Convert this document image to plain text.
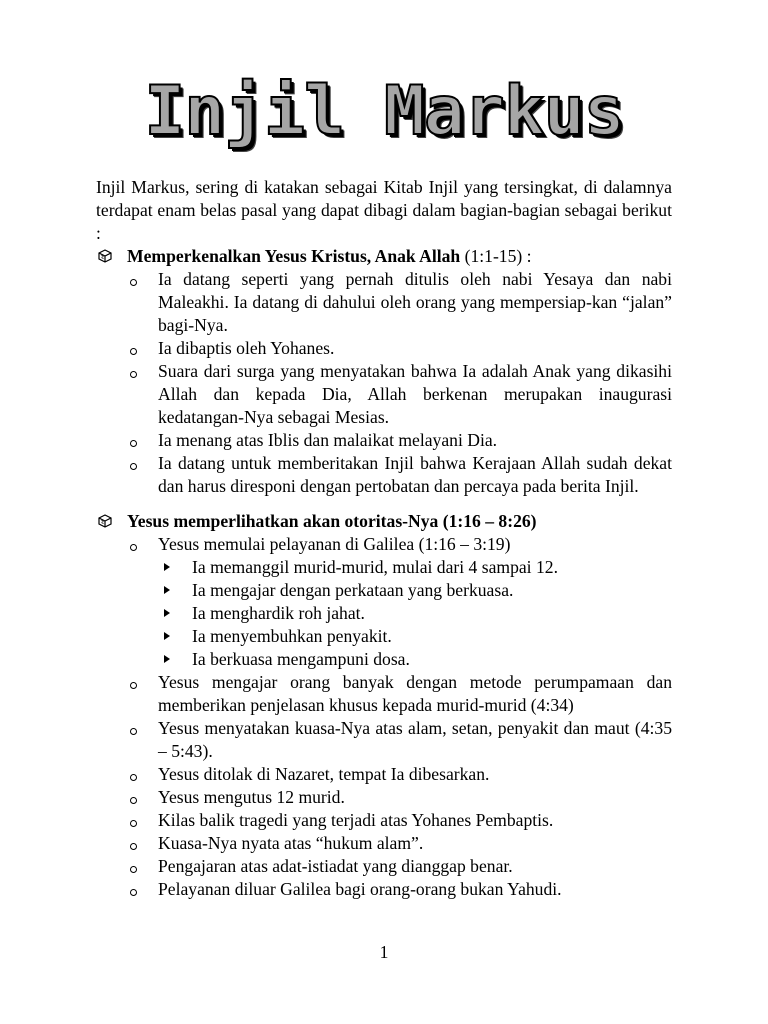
Injil Markus

Injil Markus, sering di katakan sebagai Kitab Injil yang tersingkat, di dalamnya terdapat enam belas pasal yang dapat dibagi dalam bagian-bagian sebagai berikut :

Memperkenalkan Yesus Kristus, Anak Allah (1:1-15) :
Ia datang seperti yang pernah ditulis oleh nabi Yesaya dan nabi Maleakhi. Ia datang di dahului oleh orang yang mempersiap-kan “jalan” bagi-Nya.
Ia dibaptis oleh Yohanes.
Suara dari surga yang menyatakan bahwa Ia adalah Anak yang dikasihi Allah dan kepada Dia, Allah berkenan merupakan inaugurasi kedatangan-Nya sebagai Mesias.
Ia menang atas Iblis dan malaikat melayani Dia.
Ia datang untuk memberitakan Injil bahwa Kerajaan Allah sudah dekat dan harus diresponi dengan pertobatan dan percaya pada berita Injil.
Yesus memperlihatkan akan otoritas-Nya (1:16 – 8:26)
Yesus memulai pelayanan di Galilea (1:16 – 3:19)
Ia memanggil murid-murid, mulai dari 4 sampai 12.
Ia mengajar dengan perkataan yang berkuasa.
Ia menghardik roh jahat.
Ia menyembuhkan penyakit.
Ia berkuasa mengampuni dosa.
Yesus mengajar orang banyak dengan metode perumpamaan dan memberikan penjelasan khusus kepada murid-murid (4:34)
Yesus menyatakan kuasa-Nya atas alam, setan, penyakit dan maut (4:35 – 5:43).
Yesus ditolak di Nazaret, tempat Ia dibesarkan.
Yesus mengutus 12 murid.
Kilas balik tragedi yang terjadi atas Yohanes Pembaptis.
Kuasa-Nya nyata atas “hukum alam”.
Pengajaran atas adat-istiadat yang dianggap benar.
Pelayanan diluar Galilea bagi orang-orang bukan Yahudi.
1
